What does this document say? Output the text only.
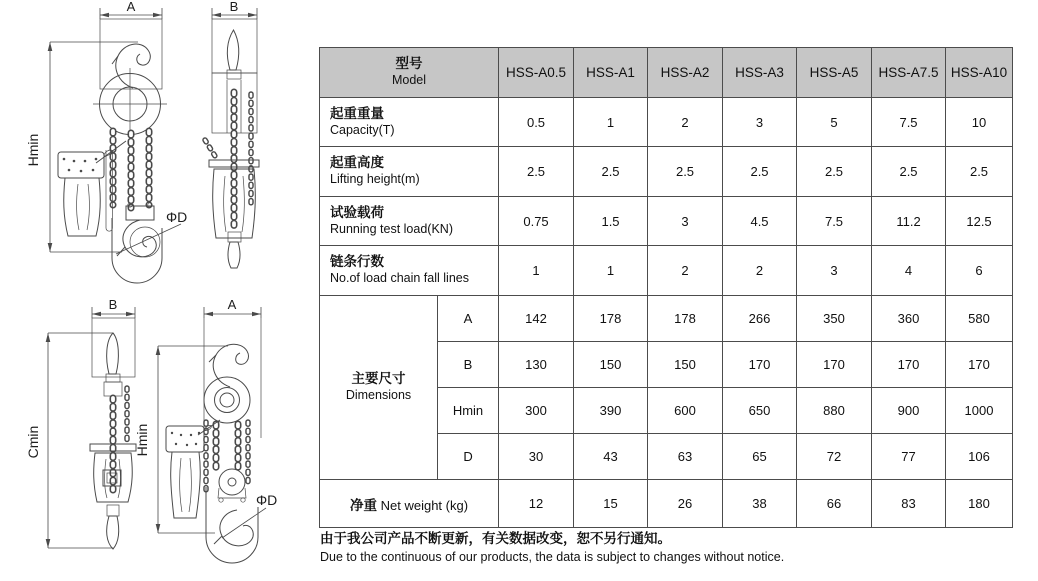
A	B
Hmin
ΦD
B
Cmin
A
Hmin
ΦD
型号
Model		HSS-A0.5	HSS-A1	HSS-A2	HSS-A3	HSS-A5	HSS-A7.5	HSS-A10

起重重量
Capacity(T)		0.5	1	2	3	5	7.5	10

起重高度
Lifting height(m)		2.5	2.5	2.5	2.5	2.5	2.5	2.5

试验载荷
Running test load(KN)		0.75	1.5	3	4.5	7.5	11.2	12.5

链条行数
No.of load chain fall lines		1	1	2	2	3	4	6

主要尺寸
Dimensions	A	142	178	178	266	350	360	580
	B	130	150	150	170	170	170	170
	Hmin	300	390	600	650	880	900	1000
	D	30	43	63	65	72	77	106
净重 Net weight (kg)		12	15	26	38	66	83	180
由于我公司产品不断更新，有关数据改变，恕不另行通知。
Due to the continuous of our products, the data is subject to changes without notice.
